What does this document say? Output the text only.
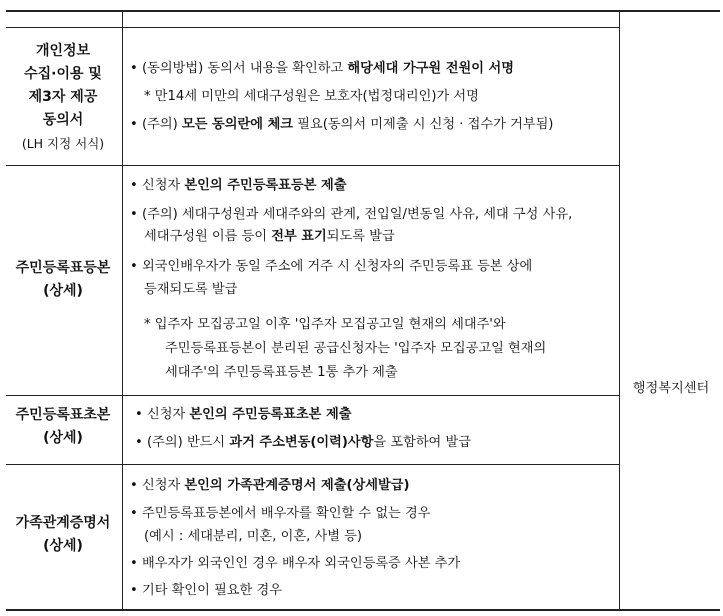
개인정보
수집·이용 및
제3자 제공
동의서
(LH 지정 서식)
• (동의방법) 동의서 내용을 확인하고 해당세대 가구원 전원이 서명
* 만14세 미만의 세대구성원은 보호자(법정대리인)가 서명
• (주의) 모든 동의란에 체크 필요(동의서 미제출 시 신청 · 접수가 거부됨)
주민등록표등본
(상세)
• 신청자 본인의 주민등록표등본 제출
• (주의) 세대구성원과 세대주와의 관계, 전입일/변동일 사유, 세대 구성 사유,
세대구성원 이름 등이 전부 표기되도록 발급
• 외국인배우자가 동일 주소에 거주 시 신청자의 주민등록표 등본 상에
등재되도록 발급
* 입주자 모집공고일 이후 '입주자 모집공고일 현재의 세대주'와
주민등록표등본이 분리된 공급신청자는 '입주자 모집공고일 현재의
세대주'의 주민등록표등본 1통 추가 제출
주민등록표초본
(상세)
• 신청자 본인의 주민등록표초본 제출
• (주의) 반드시 과거 주소변동(이력)사항을 포함하여 발급
가족관계증명서
(상세)
• 신청자 본인의 가족관계증명서 제출(상세발급)
• 주민등록표등본에서 배우자를 확인할 수 없는 경우
(예시 : 세대분리, 미혼, 이혼, 사별 등)
• 배우자가 외국인인 경우 배우자 외국인등록증 사본 추가
• 기타 확인이 필요한 경우
행정복지센터
